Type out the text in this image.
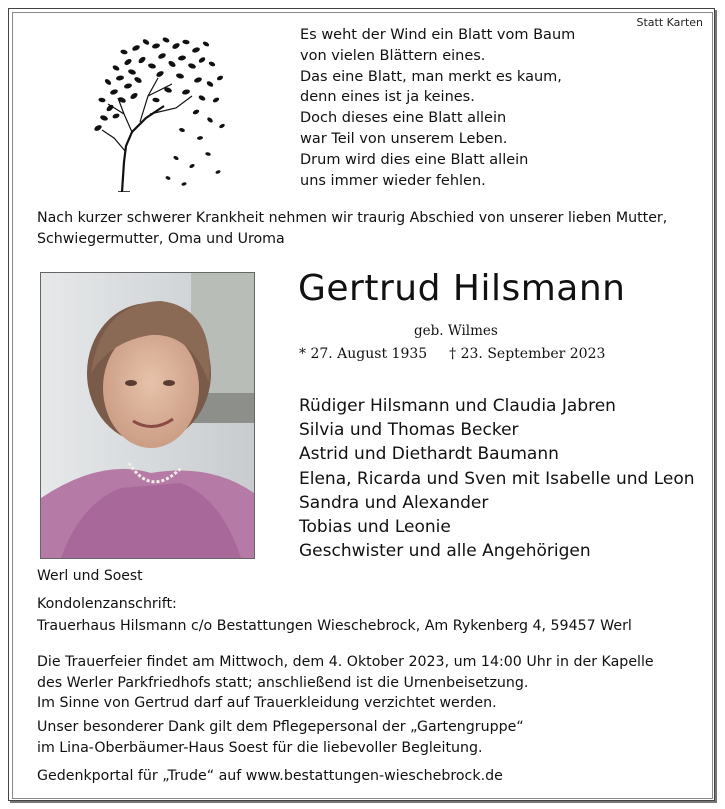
Statt Karten
Es weht der Wind ein Blatt vom Baum
von vielen Blättern eines.
Das eine Blatt, man merkt es kaum,
denn eines ist ja keines.
Doch dieses eine Blatt allein
war Teil von unserem Leben.
Drum wird dies eine Blatt allein
uns immer wieder fehlen.
Nach kurzer schwerer Krankheit nehmen wir traurig Abschied von unserer lieben Mutter, Schwiegermutter, Oma und Uroma
Gertrud Hilsmann
geb. Wilmes
* 27. August 1935 † 23. September 2023
Rüdiger Hilsmann und Claudia Jabren
Silvia und Thomas Becker
Astrid und Diethardt Baumann
Elena, Ricarda und Sven mit Isabelle und Leon
Sandra und Alexander
Tobias und Leonie
Geschwister und alle Angehörigen
Werl und Soest
Kondolenzanschrift:
Trauerhaus Hilsmann c/o Bestattungen Wieschebrock, Am Rykenberg 4, 59457 Werl
Die Trauerfeier findet am Mittwoch, dem 4. Oktober 2023, um 14:00 Uhr in der Kapelle
des Werler Parkfriedhofs statt; anschließend ist die Urnenbeisetzung.
Im Sinne von Gertrud darf auf Trauerkleidung verzichtet werden.
Unser besonderer Dank gilt dem Pflegepersonal der „Gartengruppe“
im Lina-Oberbäumer-Haus Soest für die liebevoller Begleitung.
Gedenkportal für „Trude“ auf www.bestattungen-wieschebrock.de
